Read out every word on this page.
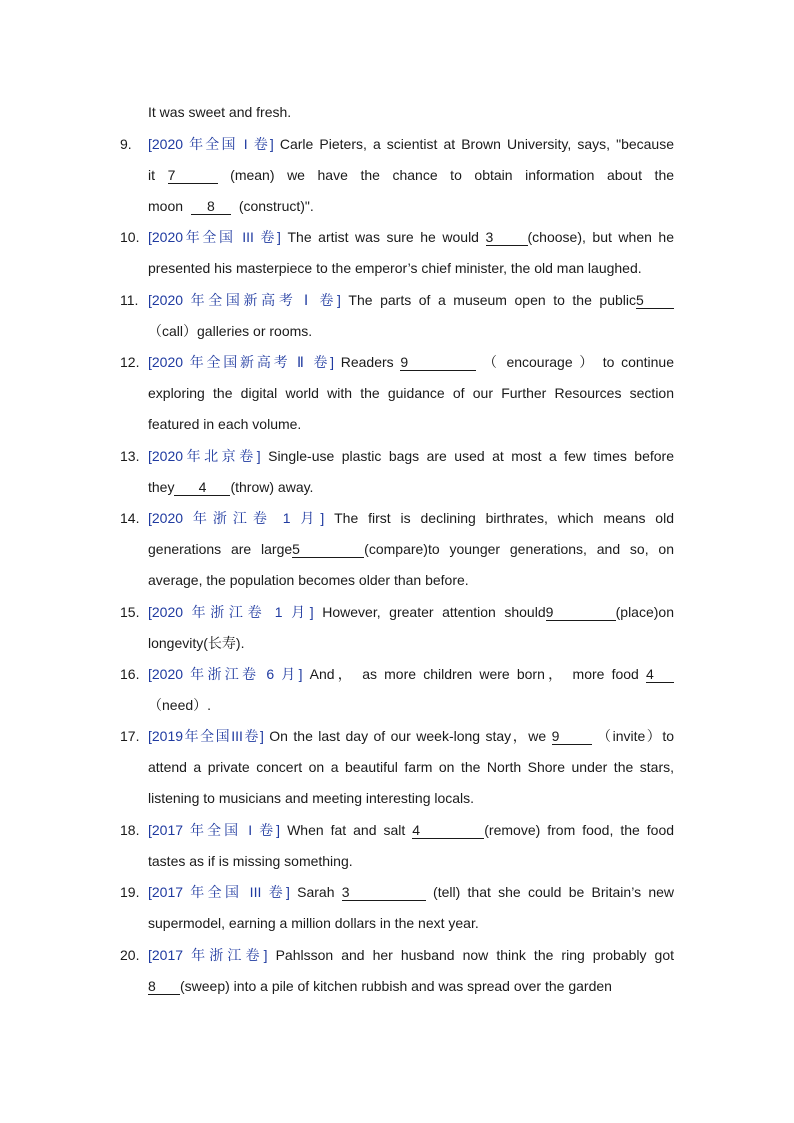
It was sweet and fresh.
9.	[2020 年全国 I 卷] Carle Pieters, a scientist at Brown University, says, "because
it 7	(mean) we have the chance to obtain information about the
moon 8 (construct)".
10. [2020年全国 III 卷] The artist was sure he would 3 (choose), but when he
presented his masterpiece to the emperor’s chief minister, the old man laughed.
11. [2020 年全国新高考 Ⅰ 卷] The parts of a museum open to the public5
（call）galleries or rooms.
12. [2020 年全国新高考 Ⅱ 卷] Readers 9	（ encourage ） to continue
exploring the digital world with the guidance of our Further Resources section
featured in each volume.
13. [2020年北京卷] Single-use plastic bags are used at most a few times before
they 4 (throw) away.
14. [2020 年浙江卷 1 月] The first is declining birthrates, which means old
generations are large5	(compare)to younger generations, and so, on
average, the population becomes older than before.
15. [2020 年浙江卷 1 月] However, greater attention should9	(place)on
longevity(长寿).
16. [2020 年浙江卷 6 月] And， as more children were born， more food 4
（need）.
17. [2019年全国III卷] On the last day of our week-long stay，we 9	（invite）to
attend a private concert on a beautiful farm on the North Shore under the stars,
listening to musicians and meeting interesting locals.
18. [2017 年全国 I 卷] When fat and salt 4	(remove) from food, the food
tastes as if is missing something.
19. [2017 年全国 III 卷] Sarah 3	(tell) that she could be Britain’s new
supermodel, earning a million dollars in the next year.
20. [2017 年浙江卷] Pahlsson and her husband now think the ring probably got
8 (sweep) into a pile of kitchen rubbish and was spread over the garden
